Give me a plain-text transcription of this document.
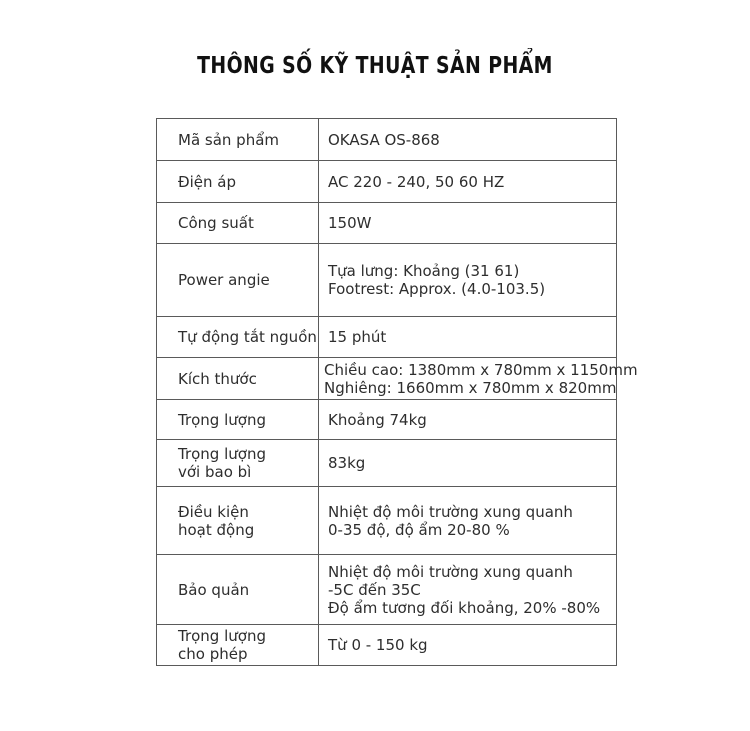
THÔNG SỐ KỸ THUẬT SẢN PHẨM
Mã sản phẩm	OKASA OS-868

Điện áp	AC 220 - 240, 50 60 HZ

Công suất	150W

Power angie	Tựa lưng: Khoảng (31 61)
Footrest: Approx. (4.0-103.5)

Tự động tắt nguồn	15 phút

Kích thước	Chiều cao: 1380mm x 780mm x 1150mm
Nghiêng: 1660mm x 780mm x 820mm

Trọng lượng	Khoảng 74kg

Trọng lượng
với bao bì	83kg

Điều kiện
hoạt động	Nhiệt độ môi trường xung quanh
0-35 độ, độ ẩm 20-80 %

Bảo quản	Nhiệt độ môi trường xung quanh
-5C đến 35C
Độ ẩm tương đối khoảng, 20% -80%

Trọng lượng
cho phép	Từ 0 - 150 kg
